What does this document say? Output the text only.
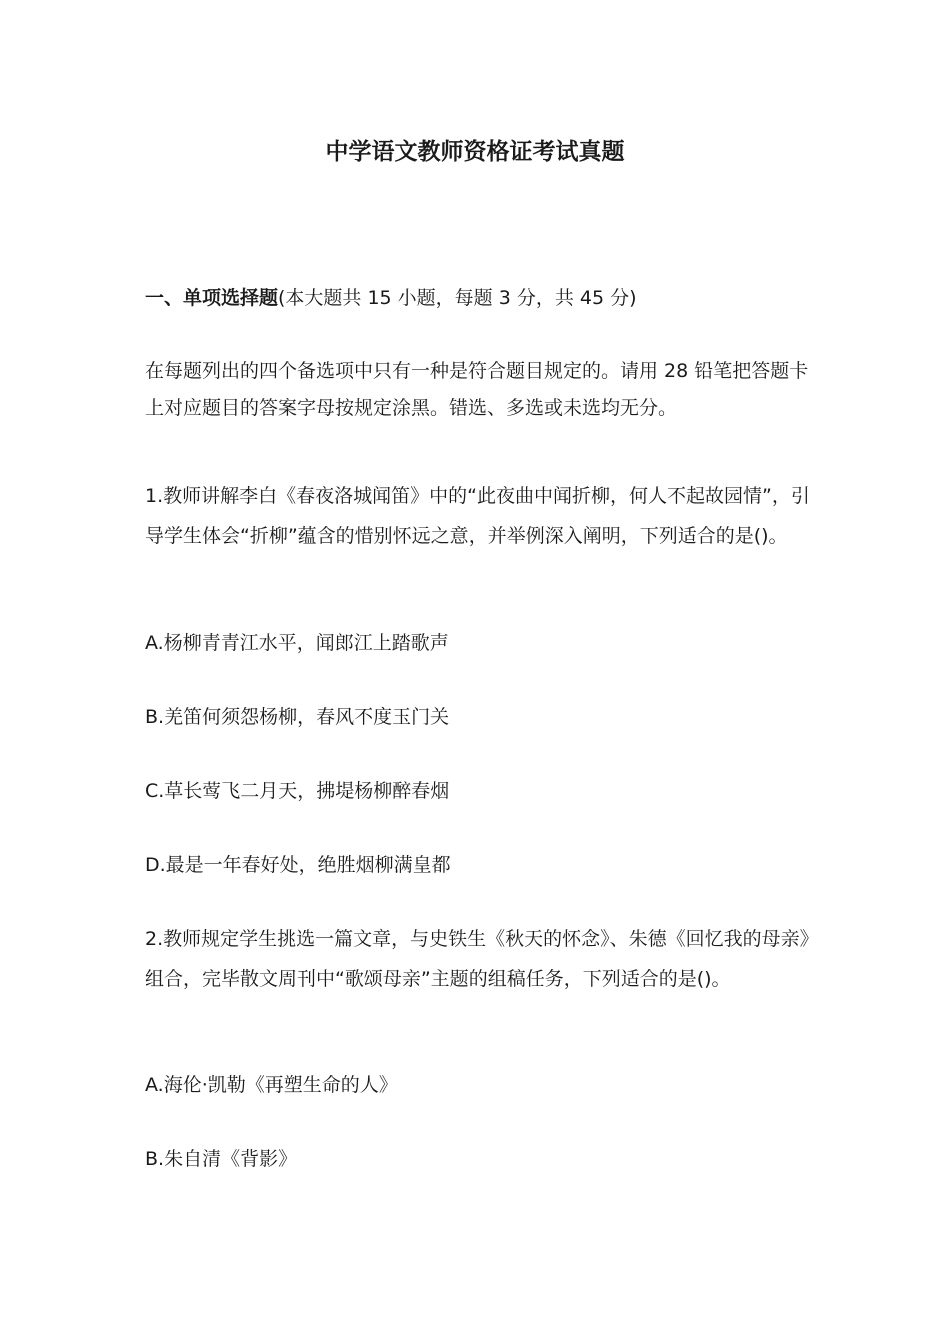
中学语文教师资格证考试真题
一、单项选择题(本大题共 15 小题，每题 3 分，共 45 分)
在每题列出的四个备选项中只有一种是符合题目规定的。请用 28 铅笔把答题卡上对应题目的答案字母按规定涂黑。错选、多选或未选均无分。
1.教师讲解李白《春夜洛城闻笛》中的“此夜曲中闻折柳，何人不起故园情”，引导学生体会“折柳”蕴含的惜别怀远之意，并举例深入阐明，下列适合的是()。
A.杨柳青青江水平，闻郎江上踏歌声
B.羌笛何须怨杨柳，春风不度玉门关
C.草长莺飞二月天，拂堤杨柳醉春烟
D.最是一年春好处，绝胜烟柳满皇都
2.教师规定学生挑选一篇文章，与史铁生《秋天的怀念》、朱德《回忆我的母亲》组合，完毕散文周刊中“歌颂母亲”主题的组稿任务，下列适合的是()。
A.海伦·凯勒《再塑生命的人》
B.朱自清《背影》
